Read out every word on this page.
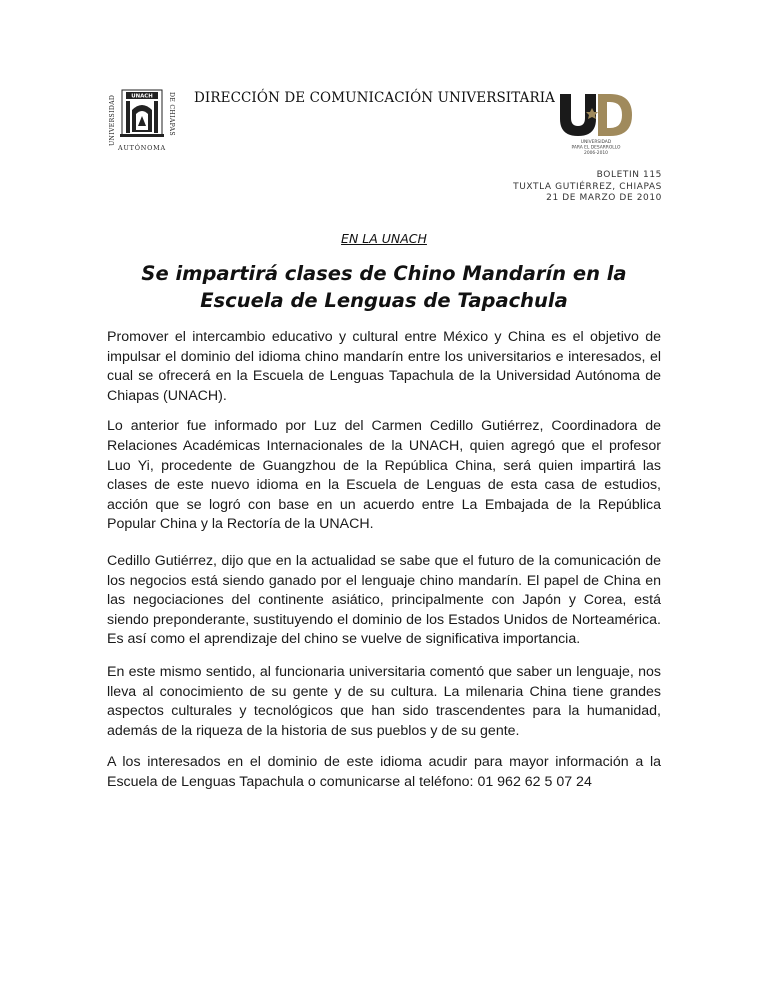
UNIVERSIDAD
DE CHIAPAS
UNACH
AUTÓNOMA
DIRECCIÓN DE COMUNICACIÓN UNIVERSITARIA
UNIVERSIDAD
PARA EL DESARROLLO
2006-2010
BOLETIN 115
TUXTLA GUTIÉRREZ, CHIAPAS
21 DE MARZO DE 2010
EN LA UNACH
Se impartirá clases de Chino Mandarín en la Escuela de Lenguas de Tapachula

Promover el intercambio educativo y cultural entre México y China es el objetivo de impulsar el dominio del idioma chino mandarín entre los universitarios e interesados, el cual se ofrecerá en la Escuela de Lenguas Tapachula de la Universidad Autónoma de Chiapas (UNACH).

Lo anterior fue informado por Luz del Carmen Cedillo Gutiérrez, Coordinadora de Relaciones Académicas Internacionales de la UNACH, quien agregó que el profesor Luo Yi, procedente de Guangzhou de la República China, será quien impartirá las clases de este nuevo idioma en la Escuela de Lenguas de esta casa de estudios, acción que se logró con base en un acuerdo entre La Embajada de la República Popular China y la Rectoría de la UNACH.

Cedillo Gutiérrez, dijo que en la actualidad se sabe que el futuro de la comunicación de los negocios está siendo ganado por el lenguaje chino mandarín. El papel de China en las negociaciones del continente asiático, principalmente con Japón y Corea, está siendo preponderante, sustituyendo el dominio de los Estados Unidos de Norteamérica. Es así como el aprendizaje del chino se vuelve de significativa importancia.

En este mismo sentido, al funcionaria universitaria comentó que saber un lenguaje, nos lleva al conocimiento de su gente y de su cultura. La milenaria China tiene grandes aspectos culturales y tecnológicos que han sido trascendentes para la humanidad, además de la riqueza de la historia de sus pueblos y de su gente.

A los interesados en el dominio de este idioma acudir para mayor información a la Escuela de Lenguas Tapachula o comunicarse al teléfono: 01 962 62 5 07 24
